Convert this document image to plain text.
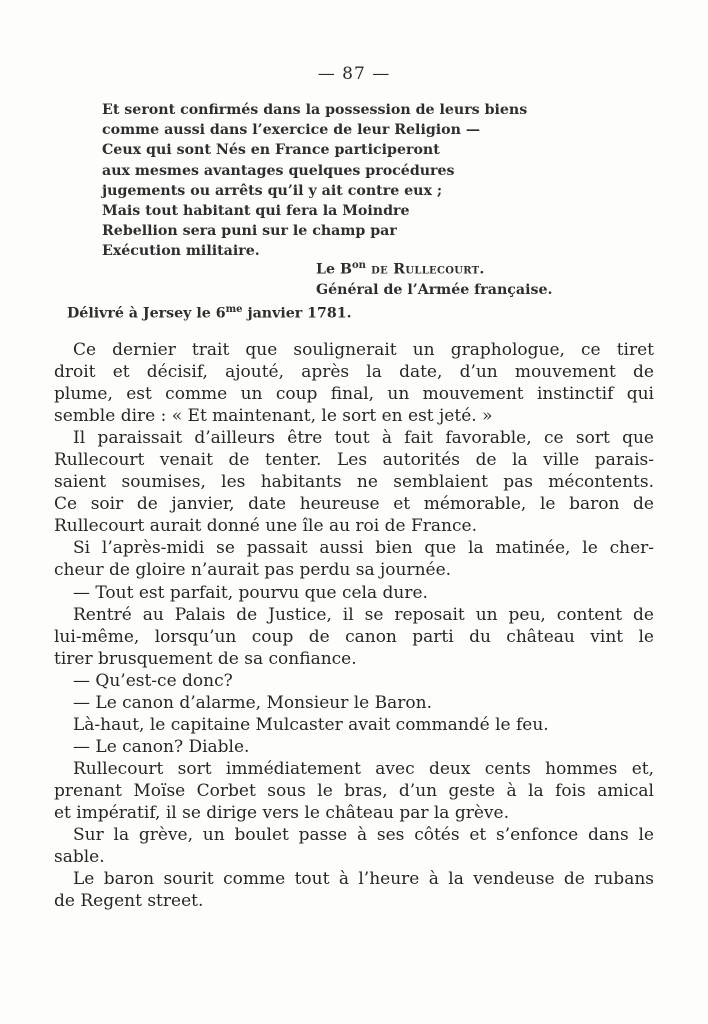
— 87 —
Et seront confirmés dans la possession de leurs biens
comme aussi dans l’exercice de leur Religion —
Ceux qui sont Nés en France participeront
aux mesmes avantages quelques procédures
jugements ou arrêts qu’il y ait contre eux ;
Mais tout habitant qui fera la Moindre
Rebellion sera puni sur le champ par
Exécution militaire.
Le $B^{on}$ de Rullecourt.
Général de l’Armée française.
Délivré à Jersey le $6^{me}$ janvier 1781.
Ce dernier trait que soulignerait un graphologue, ce tiret
droit et décisif, ajouté, après la date, d’un mouvement de
plume, est comme un coup final, un mouvement instinctif qui
semble dire : « Et maintenant, le sort en est jeté. »
Il paraissait d’ailleurs être tout à fait favorable, ce sort que
Rullecourt venait de tenter. Les autorités de la ville parais-
saient soumises, les habitants ne semblaient pas mécontents.
Ce soir de janvier, date heureuse et mémorable, le baron de
Rullecourt aurait donné une île au roi de France.
Si l’après-midi se passait aussi bien que la matinée, le cher-
cheur de gloire n’aurait pas perdu sa journée.
— Tout est parfait, pourvu que cela dure.
Rentré au Palais de Justice, il se reposait un peu, content de
lui-même, lorsqu’un coup de canon parti du château vint le
tirer brusquement de sa confiance.
— Qu’est-ce donc?
— Le canon d’alarme, Monsieur le Baron.
Là-haut, le capitaine Mulcaster avait commandé le feu.
— Le canon? Diable.
Rullecourt sort immédiatement avec deux cents hommes et,
prenant Moïse Corbet sous le bras, d’un geste à la fois amical
et impératif, il se dirige vers le château par la grève.
Sur la grève, un boulet passe à ses côtés et s’enfonce dans le
sable.
Le baron sourit comme tout à l’heure à la vendeuse de rubans
de Regent street.
